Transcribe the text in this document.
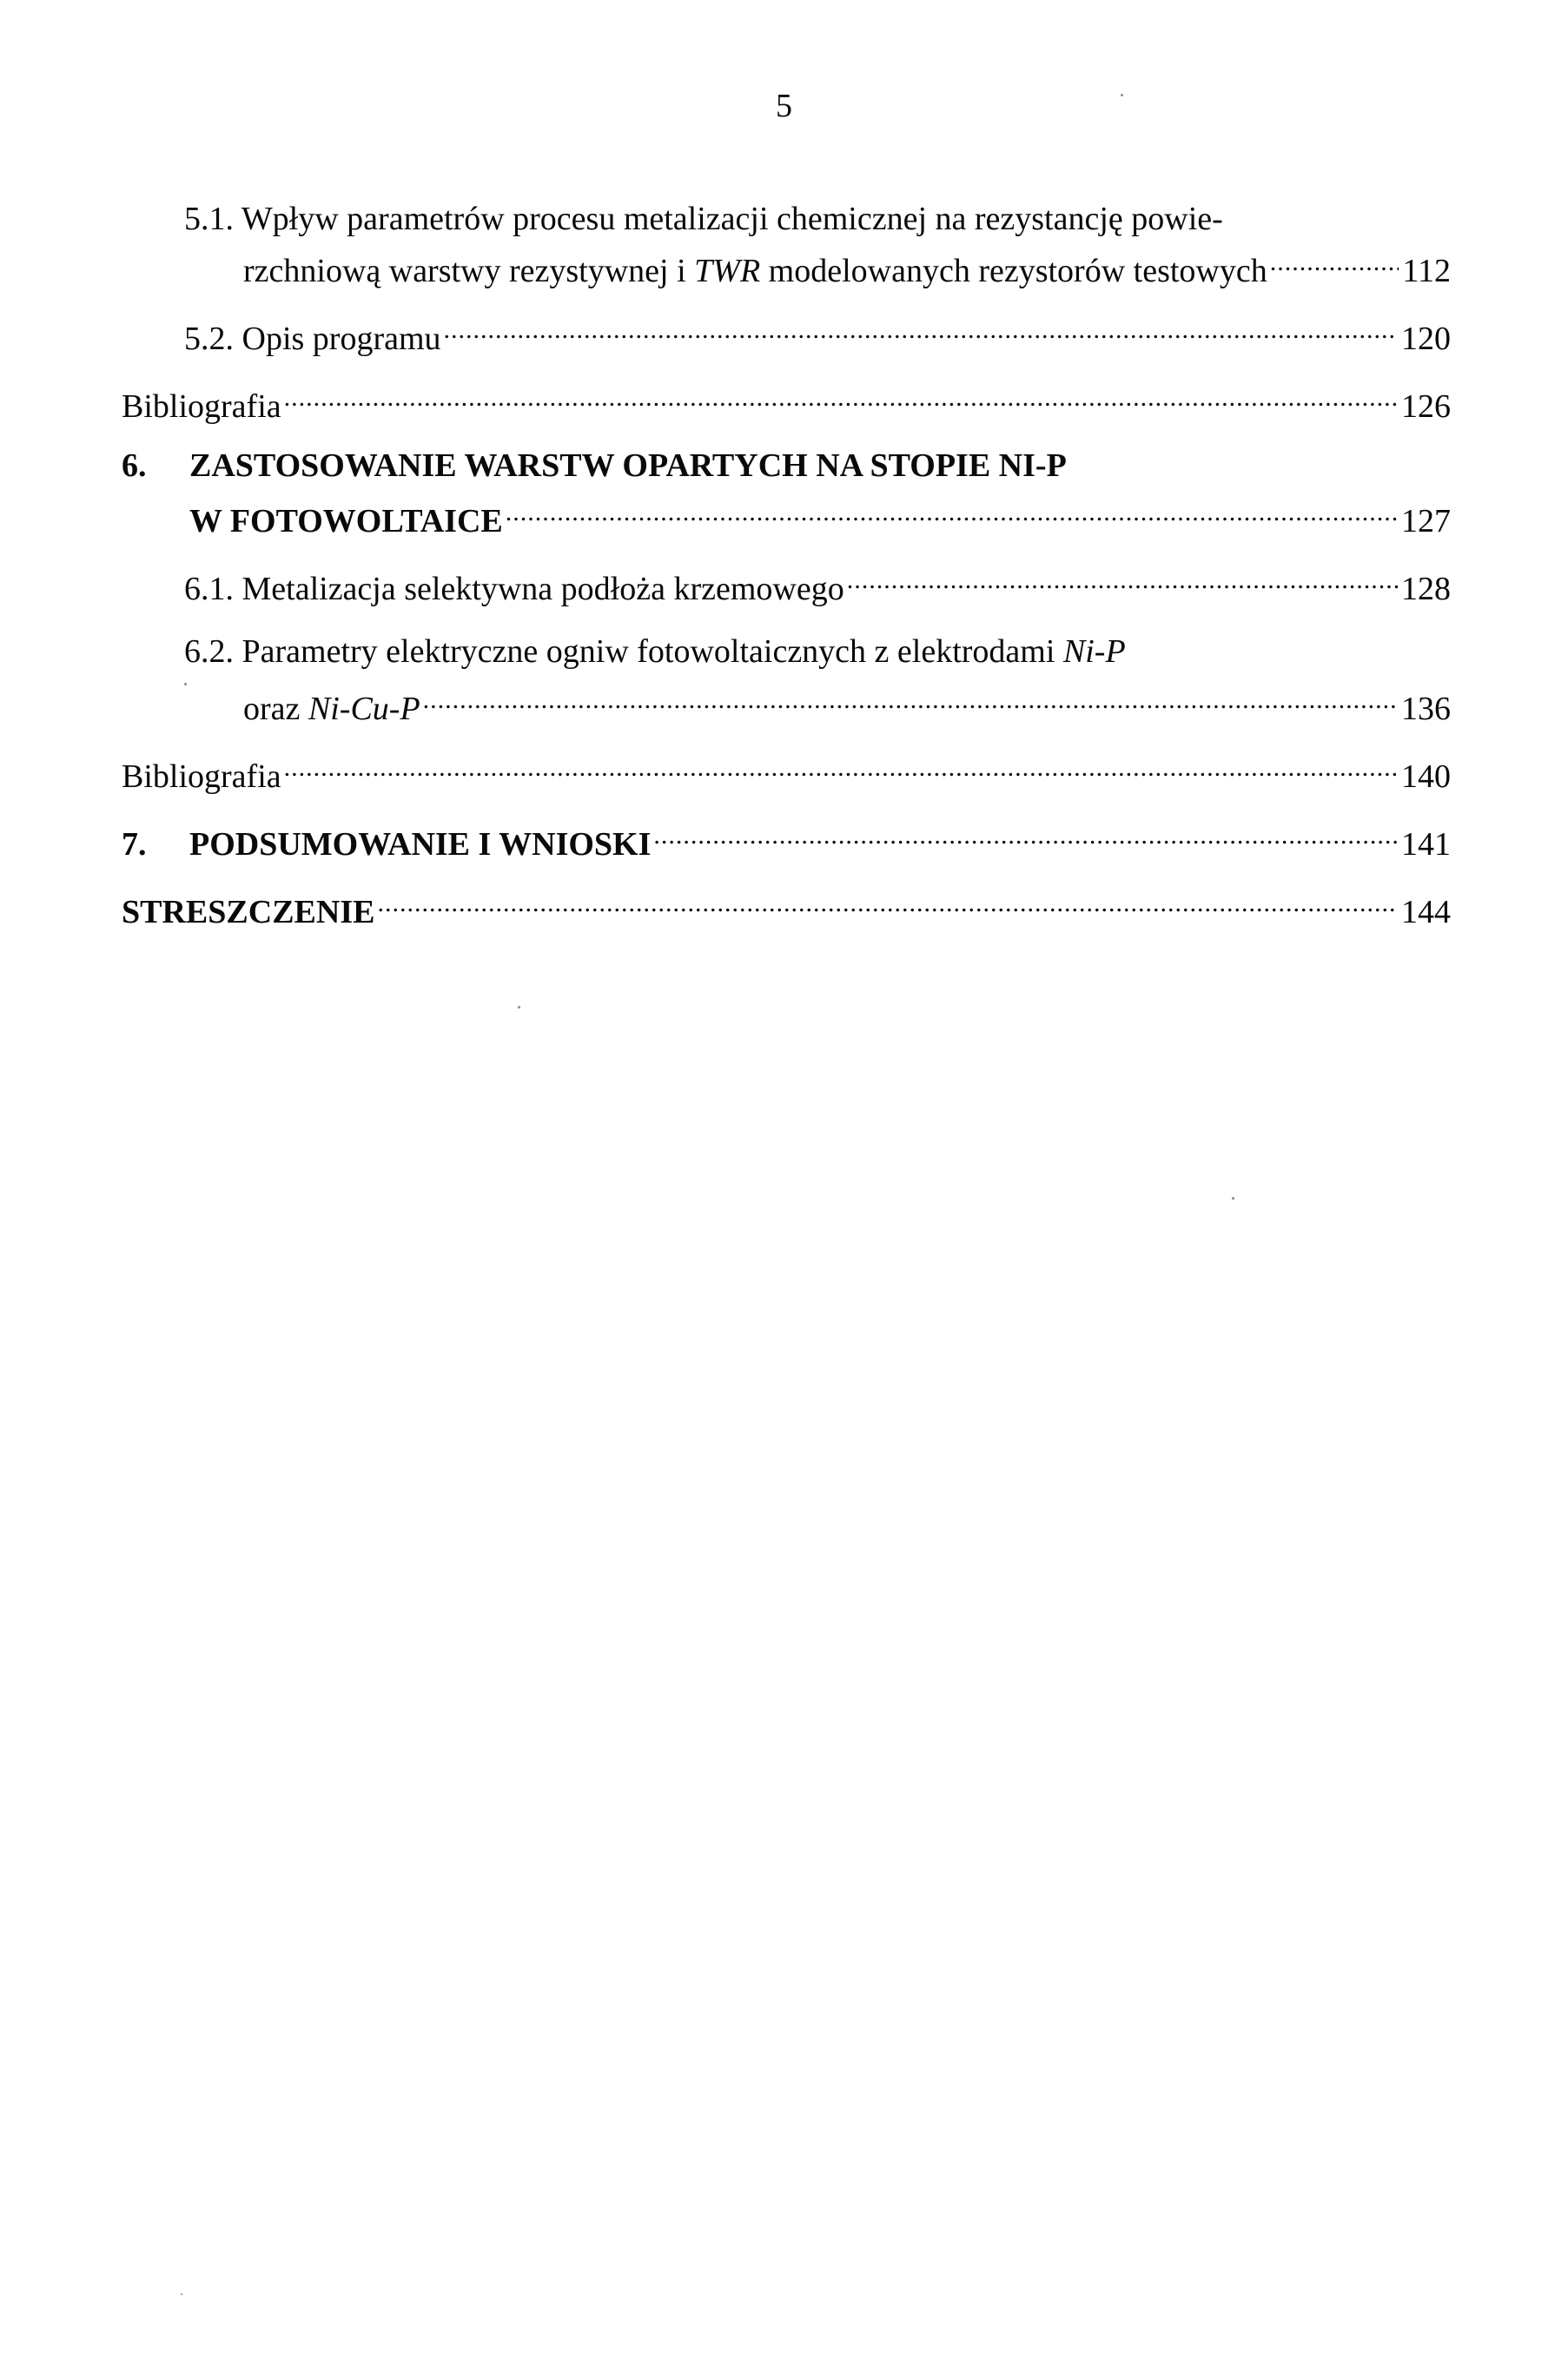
5
5.1. Wpływ parametrów procesu metalizacji chemicznej na rezystancję powie-
rzchniową warstwy rezystywnej i TWR modelowanych rezystorów testowych .....	112
5.2. Opis programu .....	120
Bibliografia .....	126
6. ZASTOSOWANIE WARSTW OPARTYCH NA STOPIE NI-P
W FOTOWOLTAICE .....	127
6.1. Metalizacja selektywna podłoża krzemowego .....	128
6.2. Parametry elektryczne ogniw fotowoltaicznych z elektrodami Ni-P
oraz Ni-Cu-P .....	136
Bibliografia .....	140
7. PODSUMOWANIE I WNIOSKI .....	141
STRESZCZENIE .....	144
